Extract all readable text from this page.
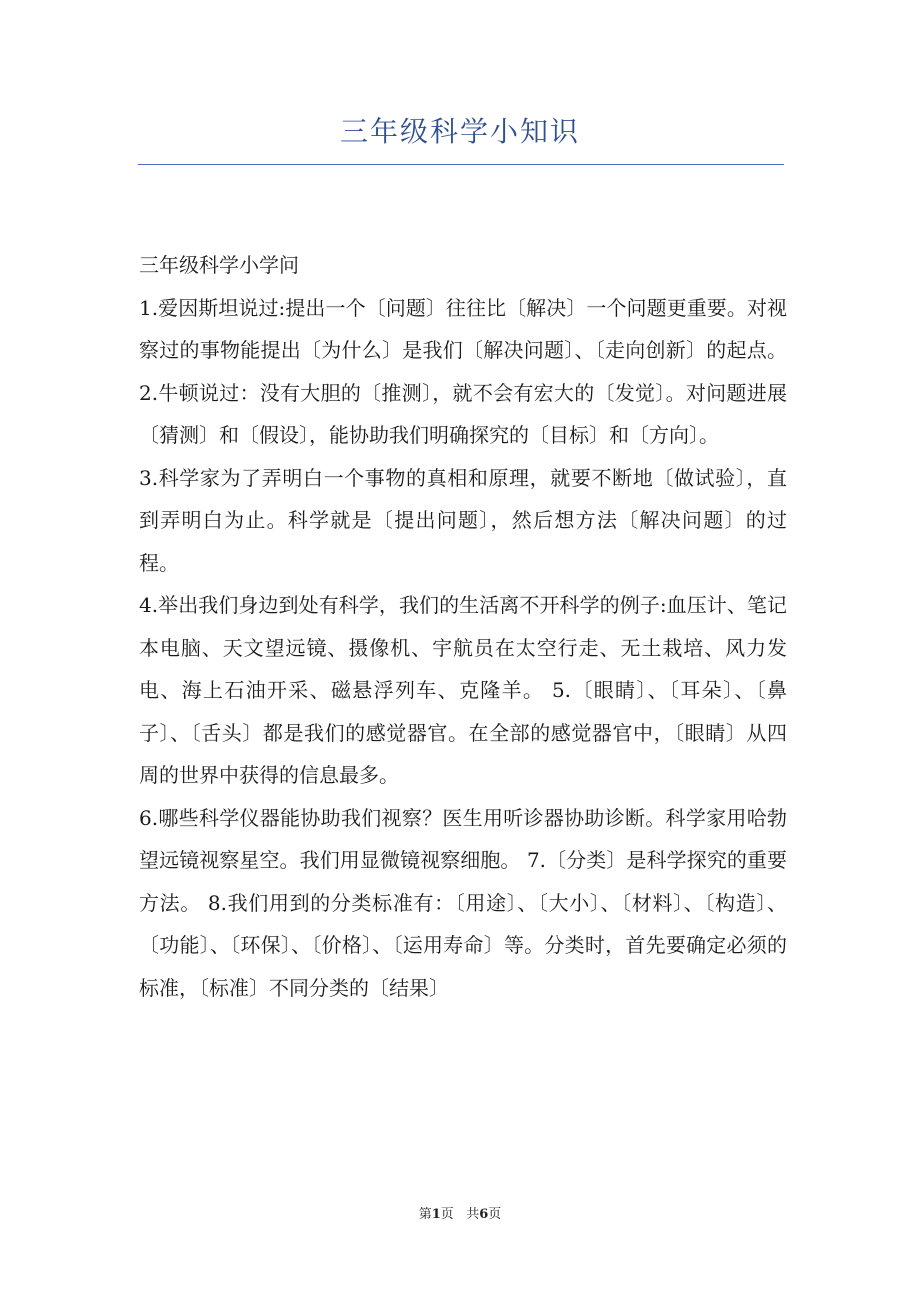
三年级科学小知识

三年级科学小学问

1.爱因斯坦说过:提出一个〔问题〕往往比〔解决〕一个问题更重要。对视察过的事物能提出〔为什么〕是我们〔解决问题〕、〔走向创新〕的起点。 2.牛顿说过：没有大胆的〔推测〕，就不会有宏大的〔发觉〕。对问题进展〔猜测〕和〔假设〕，能协助我们明确探究的〔目标〕和〔方向〕。

3.科学家为了弄明白一个事物的真相和原理，就要不断地〔做试验〕，直到弄明白为止。科学就是〔提出问题〕，然后想方法〔解决问题〕的过程。

4.举出我们身边到处有科学，我们的生活离不开科学的例子:血压计、笔记本电脑、天文望远镜、摄像机、宇航员在太空行走、无土栽培、风力发电、海上石油开采、磁悬浮列车、克隆羊。 5.〔眼睛〕、〔耳朵〕、〔鼻子〕、〔舌头〕都是我们的感觉器官。在全部的感觉器官中，〔眼睛〕从四周的世界中获得的信息最多。

6.哪些科学仪器能协助我们视察？医生用听诊器协助诊断。科学家用哈勃望远镜视察星空。我们用显微镜视察细胞。 7.〔分类〕是科学探究的重要方法。 8.我们用到的分类标准有：〔用途〕、〔大小〕、〔材料〕、〔构造〕、〔功能〕、〔环保〕、〔价格〕、〔运用寿命〕等。分类时，首先要确定必须的标准，〔标准〕不同分类的〔结果〕

第1页 共6页
